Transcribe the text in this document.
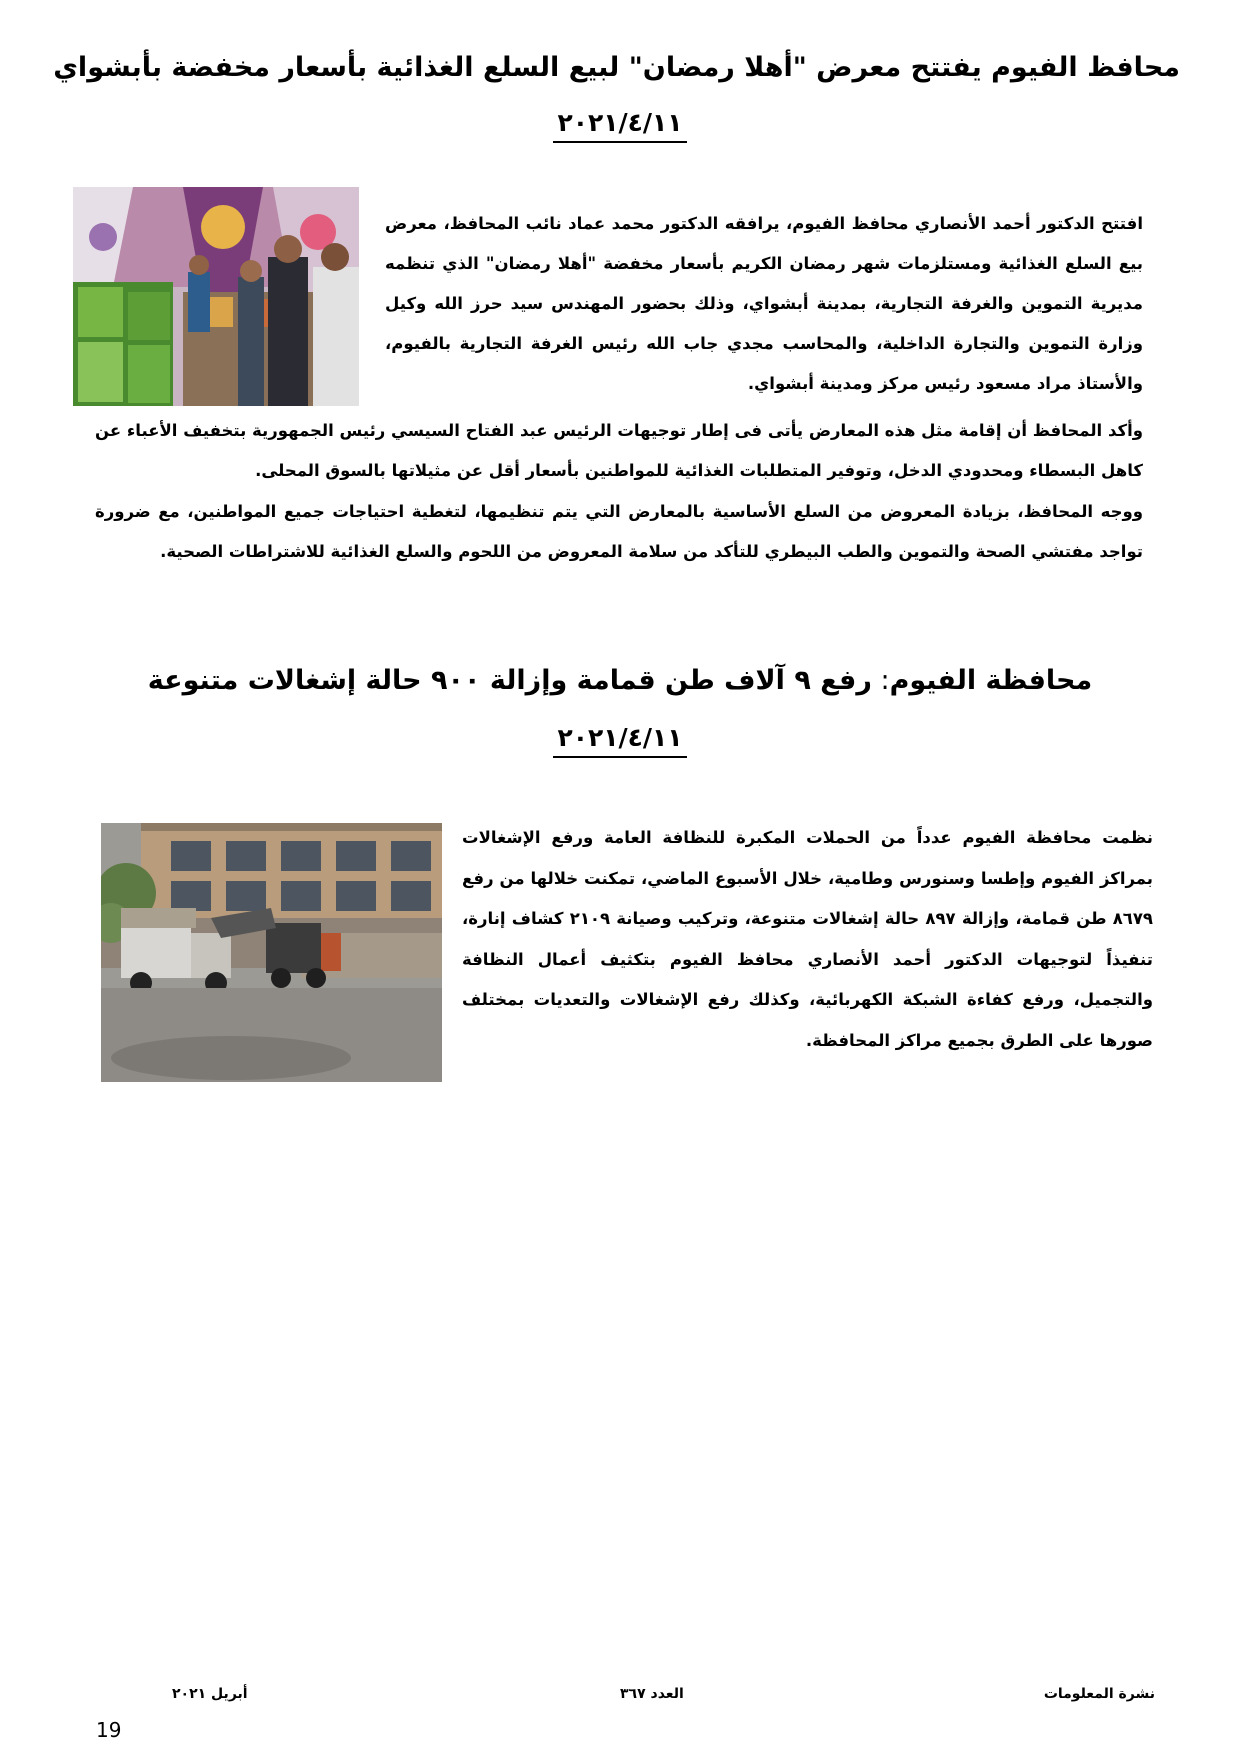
محافظ الفيوم يفتتح معرض "أهلا رمضان" لبيع السلع الغذائية بأسعار مخفضة بأبشواي
٢٠٢١/٤/١١

افتتح الدكتور أحمد الأنصاري محافظ الفيوم، يرافقه الدكتور محمد عماد نائب المحافظ، معرض بيع السلع الغذائية ومستلزمات شهر رمضان الكريم بأسعار مخفضة "أهلا رمضان" الذي تنظمه مديرية التموين والغرفة التجارية، بمدينة أبشواي، وذلك بحضور المهندس سيد حرز الله وكيل وزارة التموين والتجارة الداخلية، والمحاسب مجدي جاب الله رئيس الغرفة التجارية بالفيوم، والأستاذ مراد مسعود رئيس مركز ومدينة أبشواي.

وأكد المحافظ أن إقامة مثل هذه المعارض يأتى فى إطار توجيهات الرئيس عبد الفتاح السيسي رئيس الجمهورية بتخفيف الأعباء عن كاهل البسطاء ومحدودي الدخل، وتوفير المتطلبات الغذائية للمواطنين بأسعار أقل عن مثيلاتها بالسوق المحلى.

ووجه المحافظ، بزيادة المعروض من السلع الأساسية بالمعارض التي يتم تنظيمها، لتغطية احتياجات جميع المواطنين، مع ضرورة تواجد مفتشي الصحة والتموين والطب البيطري للتأكد من سلامة المعروض من اللحوم والسلع الغذائية للاشتراطات الصحية.

محافظة الفيوم: رفع ٩ آلاف طن قمامة وإزالة ٩٠٠ حالة إشغالات متنوعة
٢٠٢١/٤/١١

نظمت محافظة الفيوم عدداً من الحملات المكبرة للنظافة العامة ورفع الإشغالات بمراكز الفيوم وإطسا وسنورس وطامية، خلال الأسبوع الماضي، تمكنت خلالها من رفع ٨٦٧٩ طن قمامة، وإزالة ٨٩٧ حالة إشغالات متنوعة، وتركيب وصيانة ٢١٠٩ كشاف إنارة، تنفيذاً لتوجيهات الدكتور أحمد الأنصاري محافظ الفيوم بتكثيف أعمال النظافة والتجميل، ورفع كفاءة الشبكة الكهربائية، وكذلك رفع الإشغالات والتعديات بمختلف صورها على الطرق بجميع مراكز المحافظة.

نشرة المعلومات
العدد ٣٦٧
أبريل ٢٠٢١
19
